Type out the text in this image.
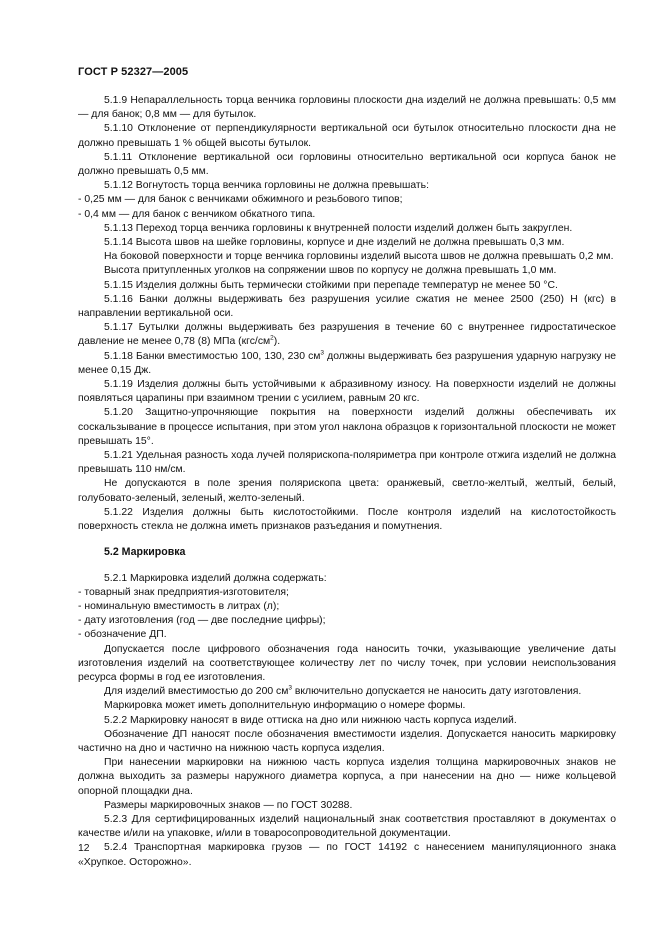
ГОСТ Р 52327—2005

5.1.9 Непараллельность торца венчика горловины плоскости дна изделий не должна превышать: 0,5 мм — для банок; 0,8 мм — для бутылок.

5.1.10 Отклонение от перпендикулярности вертикальной оси бутылок относительно плоскости дна не должно превышать 1 % общей высоты бутылок.

5.1.11 Отклонение вертикальной оси горловины относительно вертикальной оси корпуса банок не должно превышать 0,5 мм.

5.1.12 Вогнутость торца венчика горловины не должна превышать:

- 0,25 мм — для банок с венчиками обжимного и резьбового типов;

- 0,4 мм — для банок с венчиком обкатного типа.

5.1.13 Переход торца венчика горловины к внутренней полости изделий должен быть закруглен.

5.1.14 Высота швов на шейке горловины, корпусе и дне изделий не должна превышать 0,3 мм.

На боковой поверхности и торце венчика горловины изделий высота швов не должна превышать 0,2 мм.

Высота притупленных уголков на сопряжении швов по корпусу не должна превышать 1,0 мм.

5.1.15 Изделия должны быть термически стойкими при перепаде температур не менее 50 °С.

5.1.16 Банки должны выдерживать без разрушения усилие сжатия не менее 2500 (250) Н (кгс) в направлении вертикальной оси.

5.1.17 Бутылки должны выдерживать без разрушения в течение 60 с внутреннее гидростатическое давление не менее 0,78 (8) МПа $(кгс/см^2)$.

5.1.18 Банки вместимостью 100, 130, 230 $см^3$ должны выдерживать без разрушения ударную нагрузку не менее 0,15 Дж.

5.1.19 Изделия должны быть устойчивыми к абразивному износу. На поверхности изделий не должны появляться царапины при взаимном трении с усилием, равным 20 кгс.

5.1.20 Защитно-упрочняющие покрытия на поверхности изделий должны обеспечивать их соскальзывание в процессе испытания, при этом угол наклона образцов к горизонтальной плоскости не может превышать 15°.

5.1.21 Удельная разность хода лучей полярископа-поляриметра при контроле отжига изделий не должна превышать 110 нм/см.

Не допускаются в поле зрения полярископа цвета: оранжевый, светло-желтый, желтый, белый, голубовато-зеленый, зеленый, желто-зеленый.

5.1.22 Изделия должны быть кислотостойкими. После контроля изделий на кислотостойкость поверхность стекла не должна иметь признаков разъедания и помутнения.

5.2 Маркировка

5.2.1 Маркировка изделий должна содержать:

- товарный знак предприятия-изготовителя;

- номинальную вместимость в литрах (л);

- дату изготовления (год — две последние цифры);

- обозначение ДП.

Допускается после цифрового обозначения года наносить точки, указывающие увеличение даты изготовления изделий на соответствующее количеству лет по числу точек, при условии неиспользования ресурса формы в год ее изготовления.

Для изделий вместимостью до 200 $см^3$ включительно допускается не наносить дату изготовления.

Маркировка может иметь дополнительную информацию о номере формы.

5.2.2 Маркировку наносят в виде оттиска на дно или нижнюю часть корпуса изделий.

Обозначение ДП наносят после обозначения вместимости изделия. Допускается наносить маркировку частично на дно и частично на нижнюю часть корпуса изделия.

При нанесении маркировки на нижнюю часть корпуса изделия толщина маркировочных знаков не должна выходить за размеры наружного диаметра корпуса, а при нанесении на дно — ниже кольцевой опорной площадки дна.

Размеры маркировочных знаков — по ГОСТ 30288.

5.2.3 Для сертифицированных изделий национальный знак соответствия проставляют в документах о качестве и/или на упаковке, и/или в товаросопроводительной документации.

5.2.4 Транспортная маркировка грузов — по ГОСТ 14192 с нанесением манипуляционного знака «Хрупкое. Осторожно».

12
